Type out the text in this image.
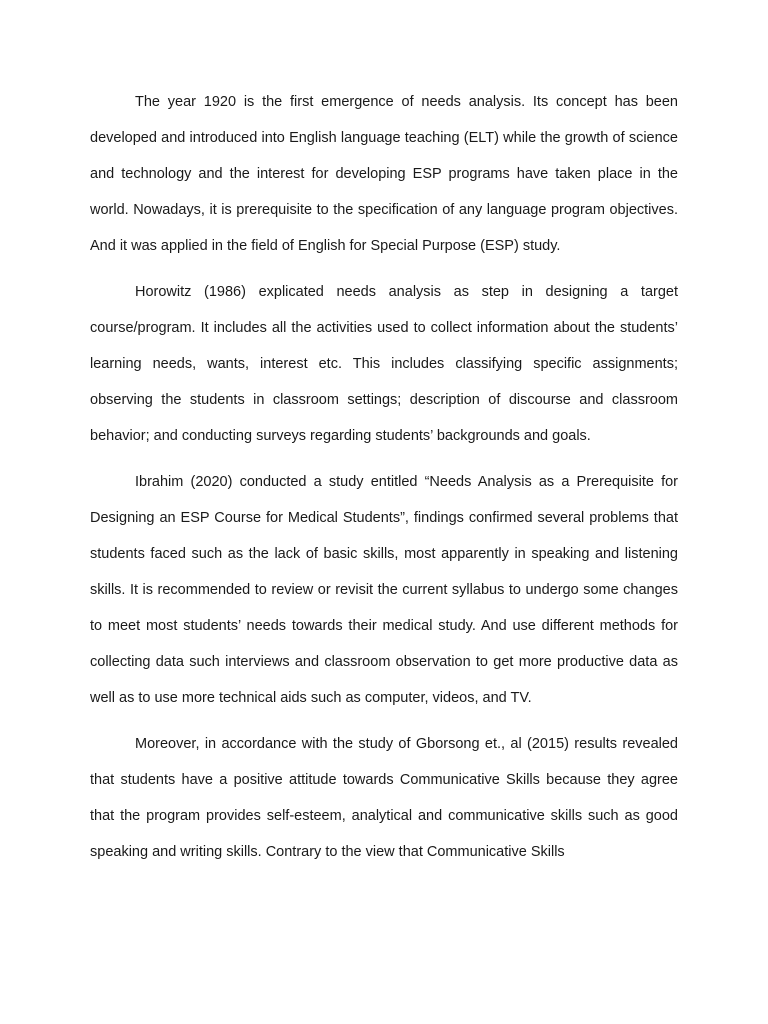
The year 1920 is the first emergence of needs analysis. Its concept has been developed and introduced into English language teaching (ELT) while the growth of science and technology and the interest for developing ESP programs have taken place in the world. Nowadays, it is prerequisite to the specification of any language program objectives. And it was applied in the field of English for Special Purpose (ESP) study.

Horowitz (1986) explicated needs analysis as step in designing a target course/program. It includes all the activities used to collect information about the students’ learning needs, wants, interest etc. This includes classifying specific assignments; observing the students in classroom settings; description of discourse and classroom behavior; and conducting surveys regarding students’ backgrounds and goals.

Ibrahim (2020) conducted a study entitled “Needs Analysis as a Prerequisite for Designing an ESP Course for Medical Students”, findings confirmed several problems that students faced such as the lack of basic skills, most apparently in speaking and listening skills. It is recommended to review or revisit the current syllabus to undergo some changes to meet most students’ needs towards their medical study. And use different methods for collecting data such interviews and classroom observation to get more productive data as well as to use more technical aids such as computer, videos, and TV.

Moreover, in accordance with the study of Gborsong et., al (2015) results revealed that students have a positive attitude towards Communicative Skills because they agree that the program provides self-esteem, analytical and communicative skills such as good speaking and writing skills. Contrary to the view that Communicative Skills
